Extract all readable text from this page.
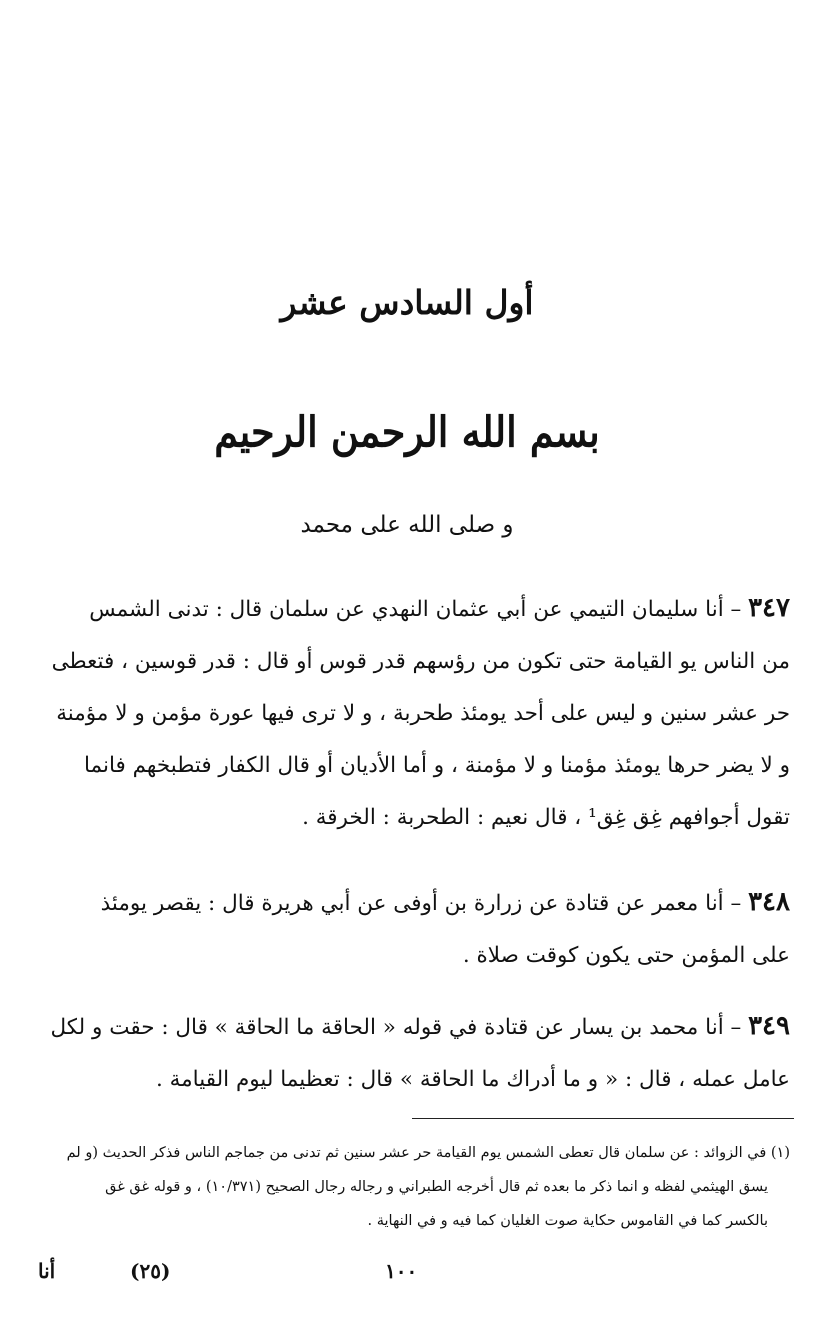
أول السادس عشر
بسم الله الرحمن الرحيم
و صلى الله على محمد
٣٤٧ – أنا سليمان التيمي عن أبي عثمان النهدي عن سلمان قال : تدنى الشمس
من الناس يو القيامة حتى تكون من رؤسهم قدر قوس أو قال : قدر قوسين ، فتعطى
حر عشر سنين و ليس على أحد يومئذ طحربة ، و لا ترى فيها عورة مؤمن و لا مؤمنة
و لا يضر حرها يومئذ مؤمنا و لا مؤمنة ، و أما الأديان أو قال الكفار فتطبخهم فانما
تقول أجوافهم غِق غِق¹ ، قال نعيم : الطحربة : الخرقة .
٣٤٨ – أنا معمر عن قتادة عن زرارة بن أوفى عن أبي هريرة قال : يقصر يومئذ
على المؤمن حتى يكون كوقت صلاة .
٣٤٩ – أنا محمد بن يسار عن قتادة في قوله « الحاقة ما الحاقة » قال : حقت و لكل
عامل عمله ، قال : « و ما أدراك ما الحاقة » قال : تعظيما ليوم القيامة .
(١) في الزوائد : عن سلمان قال تعطى الشمس يوم القيامة حر عشر سنين ثم تدنى من جماجم الناس فذكر الحديث (و لم
يسق الهيثمي لفظه و انما ذكر ما بعده ثم قال أخرجه الطبراني و رجاله رجال الصحيح (١٠/٣٧١) ، و قوله غق غق
بالكسر كما في القاموس حكاية صوت الغليان كما فيه و في النهاية .
١٠٠
(٢٥)
أنا
